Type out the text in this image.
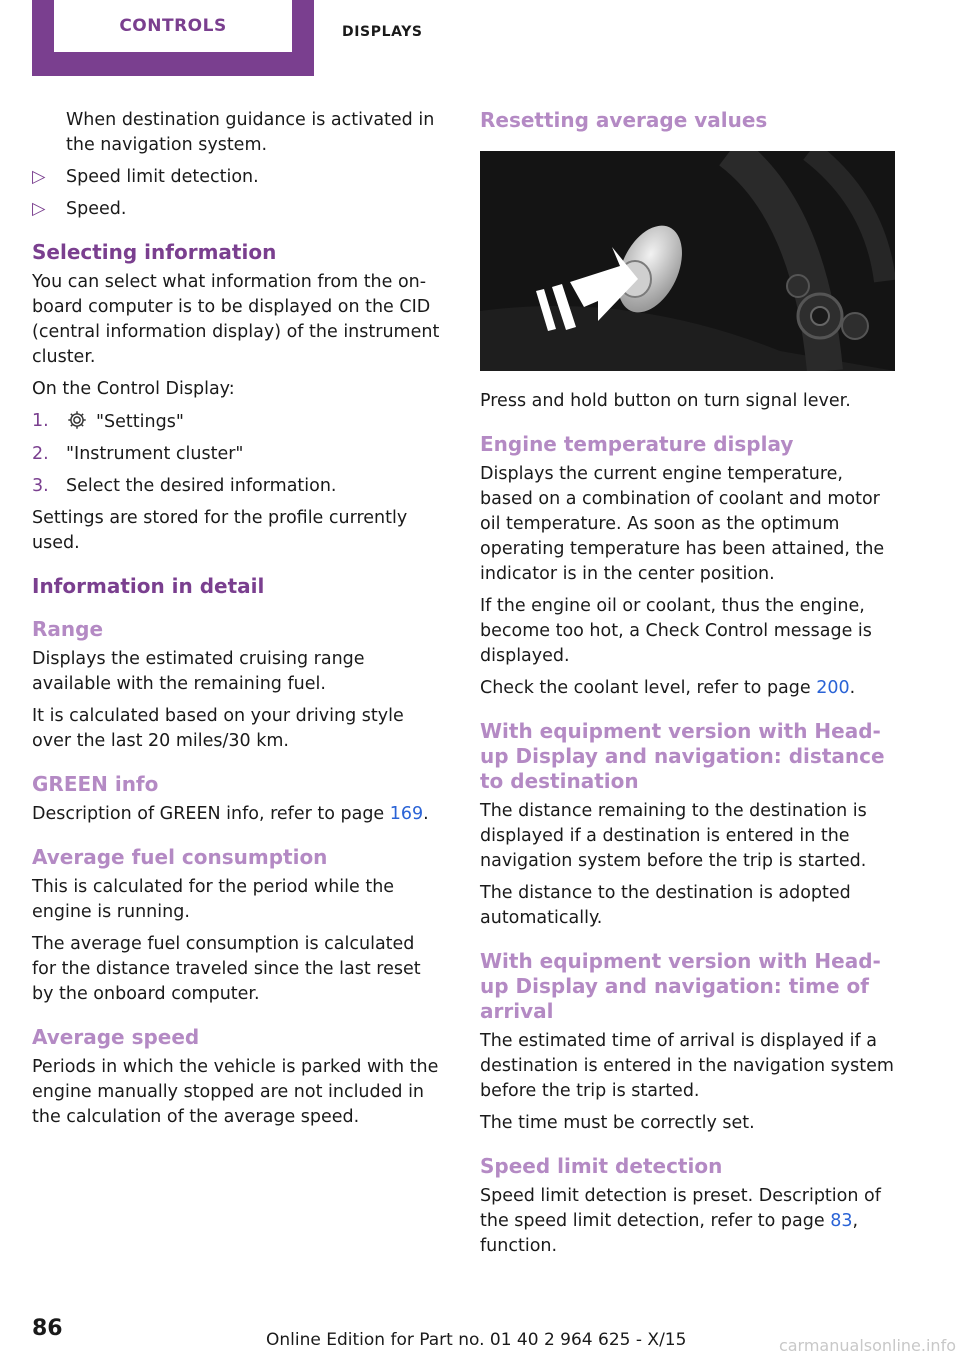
CONTROLS	DISPLAYS

When destination guidance is activated in the navigation system.

▷ Speed limit detection.
▷ Speed.
Selecting information

You can select what information from the on-board computer is to be displayed on the CID (central information display) of the instrument cluster.

On the Control Display:

1.	"Settings"
2. "Instrument cluster"
3. Select the desired information.

Settings are stored for the profile currently used.

Information in detail
Range

Displays the estimated cruising range available with the remaining fuel.

It is calculated based on your driving style over the last 20 miles/30 km.

GREEN info

Description of GREEN info, refer to page 169.

Average fuel consumption

This is calculated for the period while the engine is running.

The average fuel consumption is calculated for the distance traveled since the last reset by the onboard computer.

Average speed

Periods in which the vehicle is parked with the engine manually stopped are not included in the calculation of the average speed.

Resetting average values

Press and hold button on turn signal lever.

Engine temperature display

Displays the current engine temperature, based on a combination of coolant and motor oil temperature. As soon as the optimum operating temperature has been attained, the indicator is in the center position.

If the engine oil or coolant, thus the engine, become too hot, a Check Control message is displayed.

Check the coolant level, refer to page 200.

With equipment version with Head-up Display and navigation: distance to destination

The distance remaining to the destination is displayed if a destination is entered in the navigation system before the trip is started.

The distance to the destination is adopted automatically.

With equipment version with Head-up Display and navigation: time of arrival

The estimated time of arrival is displayed if a destination is entered in the navigation system before the trip is started.

The time must be correctly set.

Speed limit detection

Speed limit detection is preset. Description of the speed limit detection, refer to page 83, function.

86	Online Edition for Part no. 01 40 2 964 625 - X/15	carmanualsonline.info
